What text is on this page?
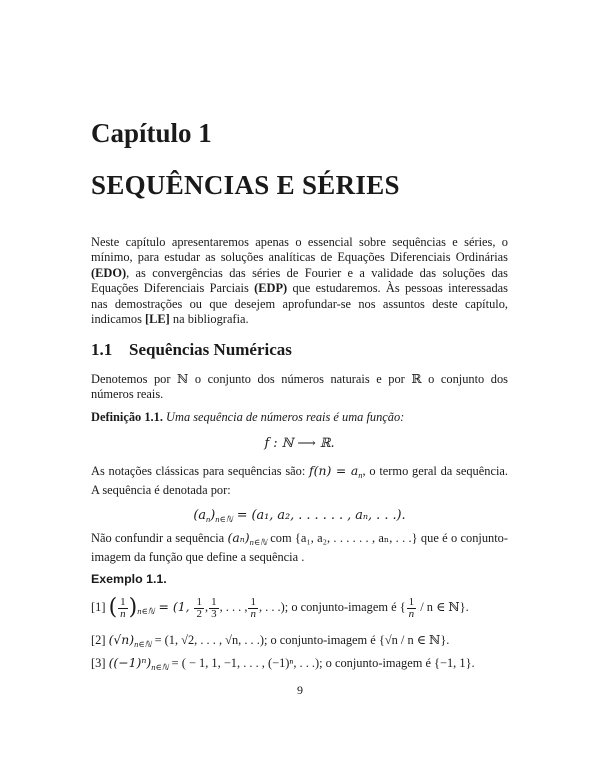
Capítulo 1
SEQUÊNCIAS E SÉRIES

Neste capítulo apresentaremos apenas o essencial sobre sequências e séries, o mínimo, para estudar as soluções analíticas de Equações Diferenciais Ordinárias (EDO), as convergências das séries de Fourier e a validade das soluções das Equações Diferenciais Parciais (EDP) que estudaremos. Às pessoas interessadas nas demostrações ou que desejem aprofundar-se nos assuntos deste capítulo, indicamos [LE] na bibliografia.

1.1 Sequências Numéricas
Denotemos por ℕ o conjunto dos números naturais e por ℝ o conjunto dos números reais.
Definição 1.1. Uma sequência de números reais é uma função:
f : ℕ ⟶ ℝ.
As notações clássicas para sequências são: $f(n) = a_n$, o termo geral da sequência. A sequência é denotada por:
$(a_n)_{n\in ℕ} = (a_1$, a₂, . . . . . . , aₙ, . . .).
Não confundir a sequência $(a_n)_{n\in ℕ}$ com {a₁, a₂, . . . . . . , aₙ, . . .} que é o conjunto-imagem da função que define a sequência .
Exemplo 1.1.
[1] ( $\frac{1}{n} )_{n\in ℕ} = (1$, $\frac{1}{2}$ , $\frac{1}{3}$ , . . . , $\frac{1}{n}$ , . . .); o conjunto-imagem é { $\frac{1}{n}$ / n ∈ ℕ}.
[2] $(√n)_{n\in ℕ} = (1$, √2, . . . , √n, . . .); o conjunto-imagem é {√n / n ∈ ℕ}.
[3] $((-1)^n)_{n\in ℕ}$ = ( − 1, 1, −1, . . . , (−1)ⁿ, . . .); o conjunto-imagem é {−1, 1}.
9
